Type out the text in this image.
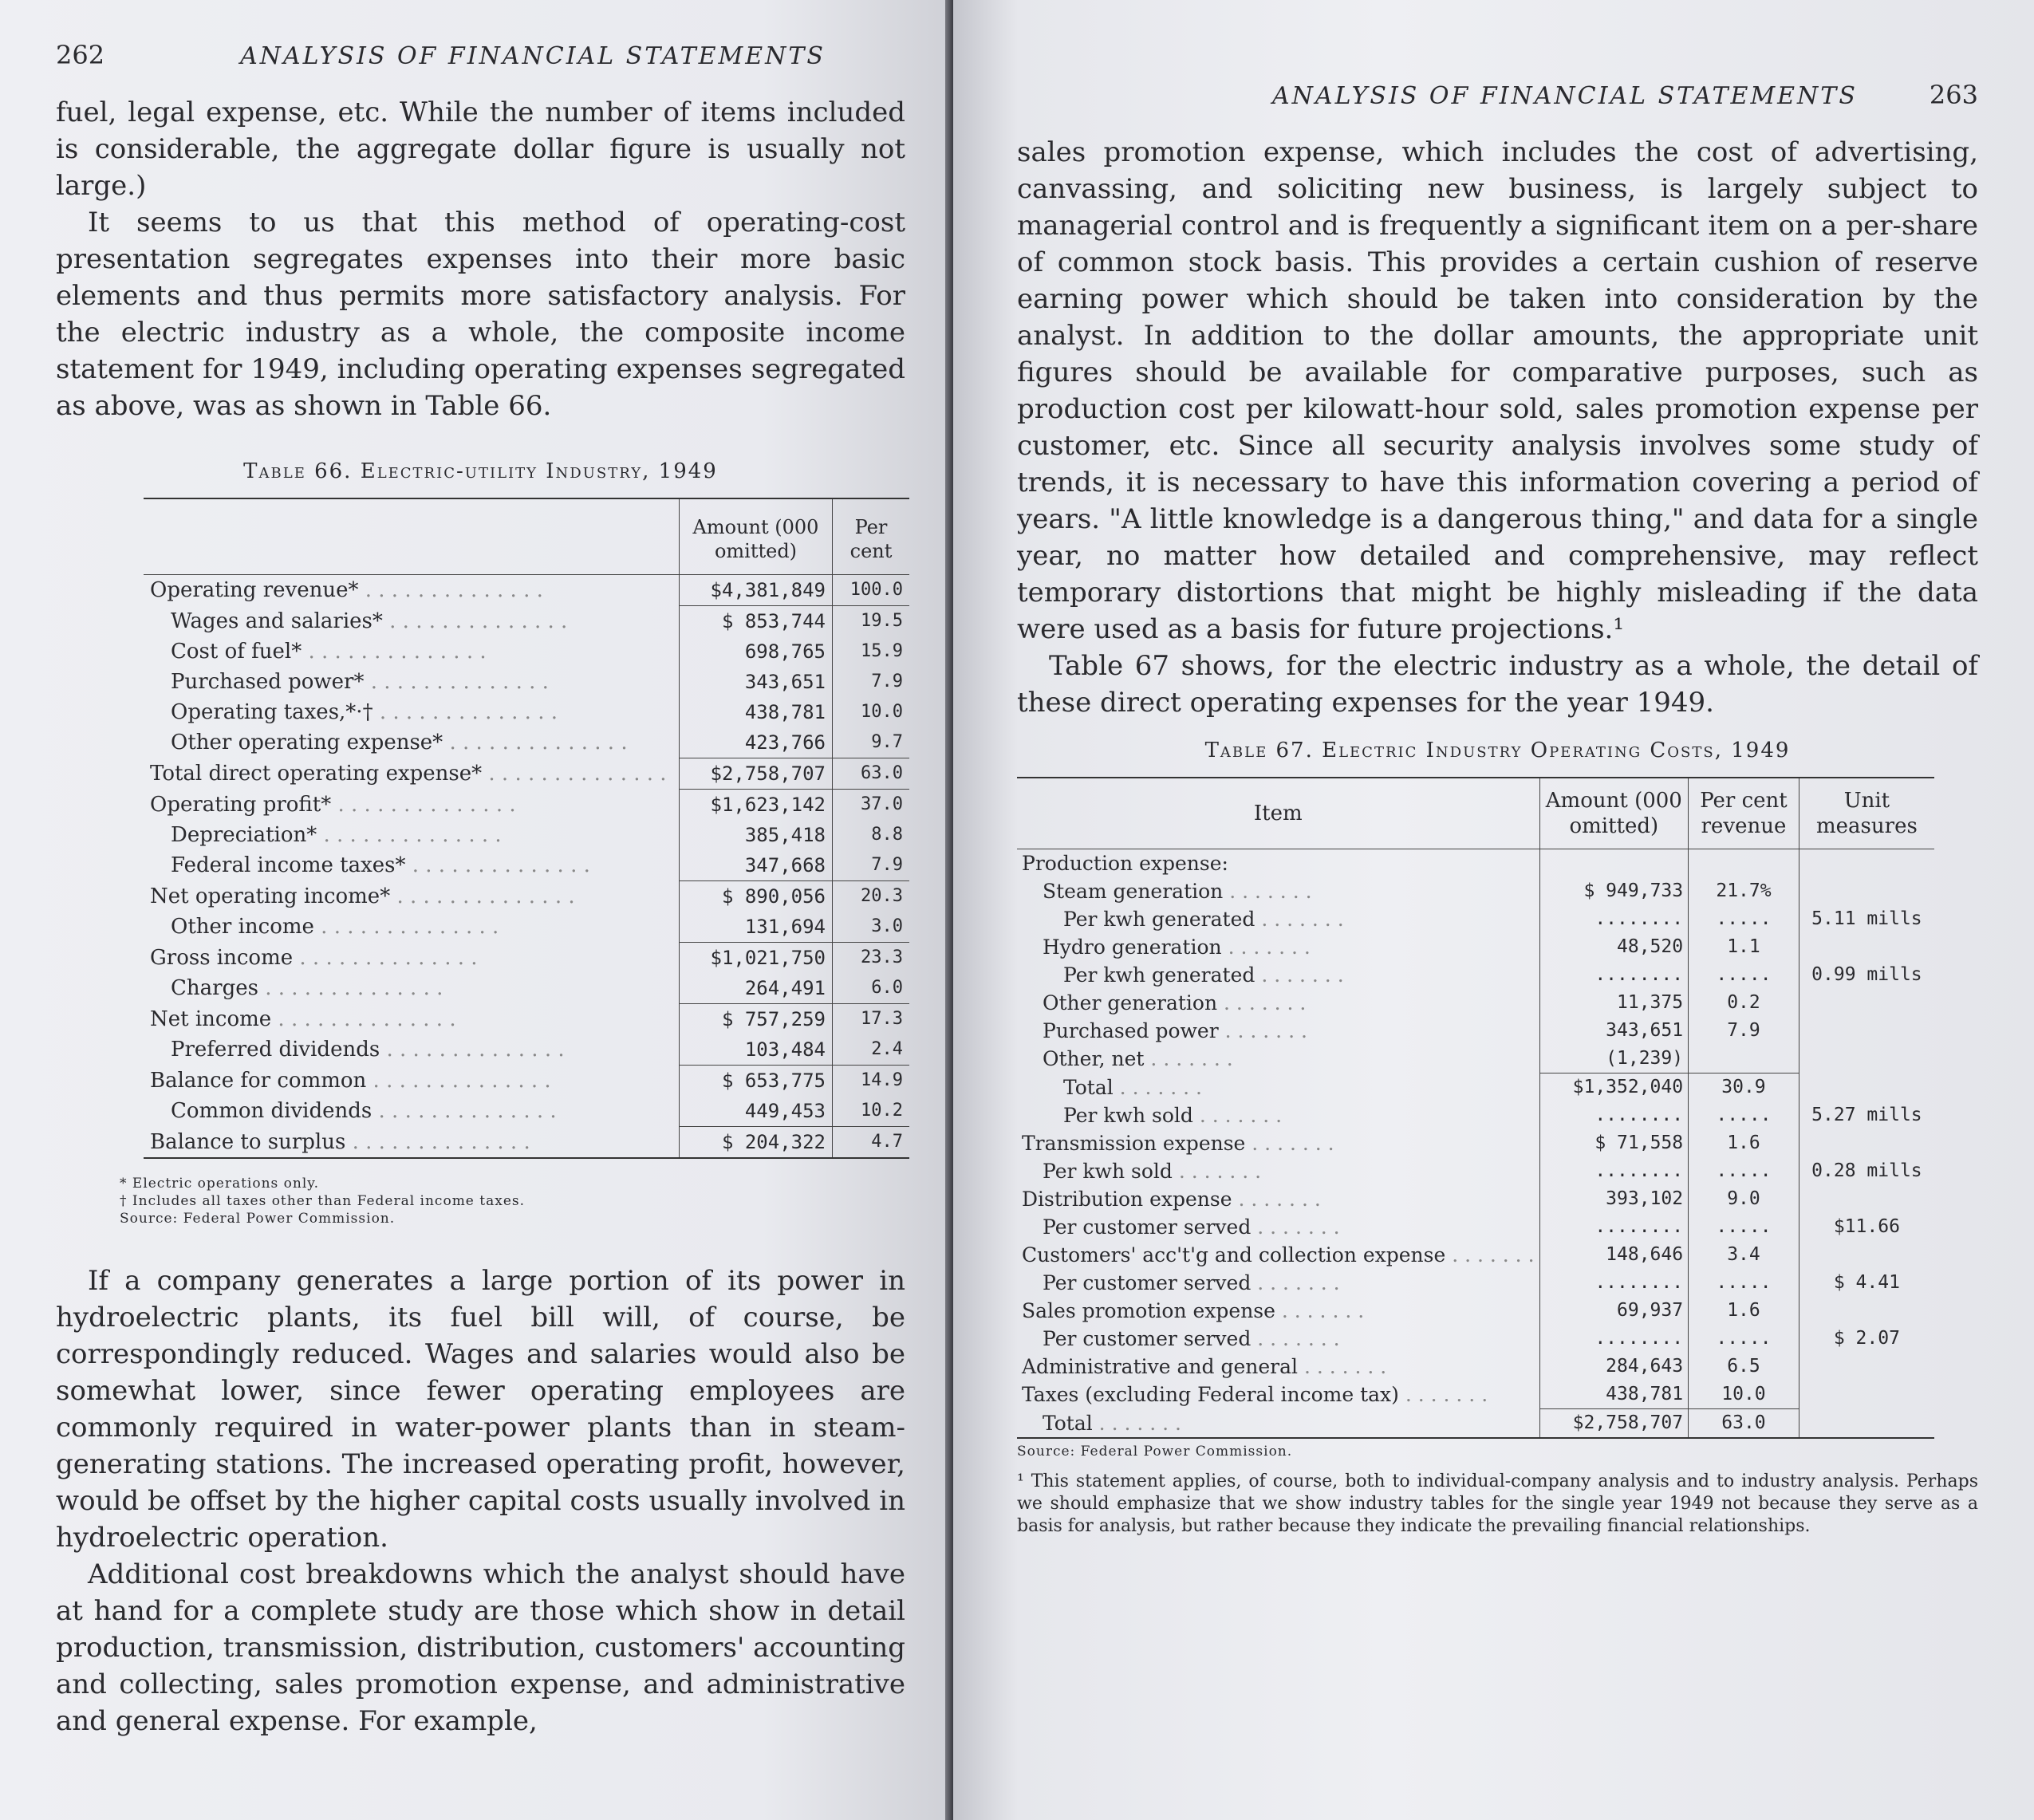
262	ANALYSIS OF FINANCIAL STATEMENTS

fuel, legal expense, etc. While the number of items included is considerable, the aggregate dollar figure is usually not large.)

It seems to us that this method of operating-cost presentation segregates expenses into their more basic elements and thus permits more satisfactory analysis. For the electric industry as a whole, the composite income statement for 1949, including operating expenses segregated as above, was as shown in Table 66.

Table 66. Electric-utility Industry, 1949
	Amount (000 omitted)	Per cent
Operating revenue* . . . . . . . . . . . . . .	$4,381,849	100.0
Wages and salaries* . . . . . . . . . . . . . .	$ 853,744	19.5
Cost of fuel* . . . . . . . . . . . . . .	698,765	15.9
Purchased power* . . . . . . . . . . . . . .	343,651	7.9
Operating taxes,*·† . . . . . . . . . . . . . .	438,781	10.0
Other operating expense* . . . . . . . . . . . . . .	423,766	9.7
Total direct operating expense* . . . . . . . . . . . . . .	$2,758,707	63.0
Operating profit* . . . . . . . . . . . . . .	$1,623,142	37.0
Depreciation* . . . . . . . . . . . . . .	385,418	8.8
Federal income taxes* . . . . . . . . . . . . . .	347,668	7.9
Net operating income* . . . . . . . . . . . . . .	$ 890,056	20.3
Other income . . . . . . . . . . . . . .	131,694	3.0
Gross income . . . . . . . . . . . . . .	$1,021,750	23.3
Charges . . . . . . . . . . . . . .	264,491	6.0
Net income . . . . . . . . . . . . . .	$ 757,259	17.3
Preferred dividends . . . . . . . . . . . . . .	103,484	2.4
Balance for common . . . . . . . . . . . . . .	$ 653,775	14.9
Common dividends . . . . . . . . . . . . . .	449,453	10.2
Balance to surplus . . . . . . . . . . . . . .	$ 204,322	4.7
* Electric operations only.
† Includes all taxes other than Federal income taxes.
Source: Federal Power Commission.

If a company generates a large portion of its power in hydroelectric plants, its fuel bill will, of course, be correspondingly reduced. Wages and salaries would also be somewhat lower, since fewer operating employees are commonly required in water-power plants than in steam-generating stations. The increased operating profit, however, would be offset by the higher capital costs usually involved in hydroelectric operation.

Additional cost breakdowns which the analyst should have at hand for a complete study are those which show in detail production, transmission, distribution, customers' accounting and collecting, sales promotion expense, and administrative and general expense. For example,

ANALYSIS OF FINANCIAL STATEMENTS	263

sales promotion expense, which includes the cost of advertising, canvassing, and soliciting new business, is largely subject to managerial control and is frequently a significant item on a per-share of common stock basis. This provides a certain cushion of reserve earning power which should be taken into consideration by the analyst. In addition to the dollar amounts, the appropriate unit figures should be available for comparative purposes, such as production cost per kilowatt-hour sold, sales promotion expense per customer, etc. Since all security analysis involves some study of trends, it is necessary to have this information covering a period of years. "A little knowledge is a dangerous thing," and data for a single year, no matter how detailed and comprehensive, may reflect temporary distortions that might be highly misleading if the data were used as a basis for future projections.¹

Table 67 shows, for the electric industry as a whole, the detail of these direct operating expenses for the year 1949.

Table 67. Electric Industry Operating Costs, 1949
Item	Amount (000 omitted)	Per cent revenue	Unit measures
Production expense:			
Steam generation . . . . . . .	$ 949,733	21.7%	
Per kwh generated . . . . . . .	........	.....	5.11 mills
Hydro generation . . . . . . .	48,520	1.1	
Per kwh generated . . . . . . .	........	.....	0.99 mills
Other generation . . . . . . .	11,375	0.2	
Purchased power . . . . . . .	343,651	7.9	
Other, net . . . . . . .	(1,239)		
Total . . . . . . .	$1,352,040	30.9	
Per kwh sold . . . . . . .	........	.....	5.27 mills
Transmission expense . . . . . . .	$ 71,558	1.6	
Per kwh sold . . . . . . .	........	.....	0.28 mills
Distribution expense . . . . . . .	393,102	9.0	
Per customer served . . . . . . .	........	.....	$11.66
Customers' acc't'g and collection expense . . . . . . .	148,646	3.4	
Per customer served . . . . . . .	........	.....	$ 4.41
Sales promotion expense . . . . . . .	69,937	1.6	
Per customer served . . . . . . .	........	.....	$ 2.07
Administrative and general . . . . . . .	284,643	6.5	
Taxes (excluding Federal income tax) . . . . . . .	438,781	10.0	
Total . . . . . . .	$2,758,707	63.0	
Source: Federal Power Commission.
¹ This statement applies, of course, both to individual-company analysis and to industry analysis. Perhaps we should emphasize that we show industry tables for the single year 1949 not because they serve as a basis for analysis, but rather because they indicate the prevailing financial relationships.
